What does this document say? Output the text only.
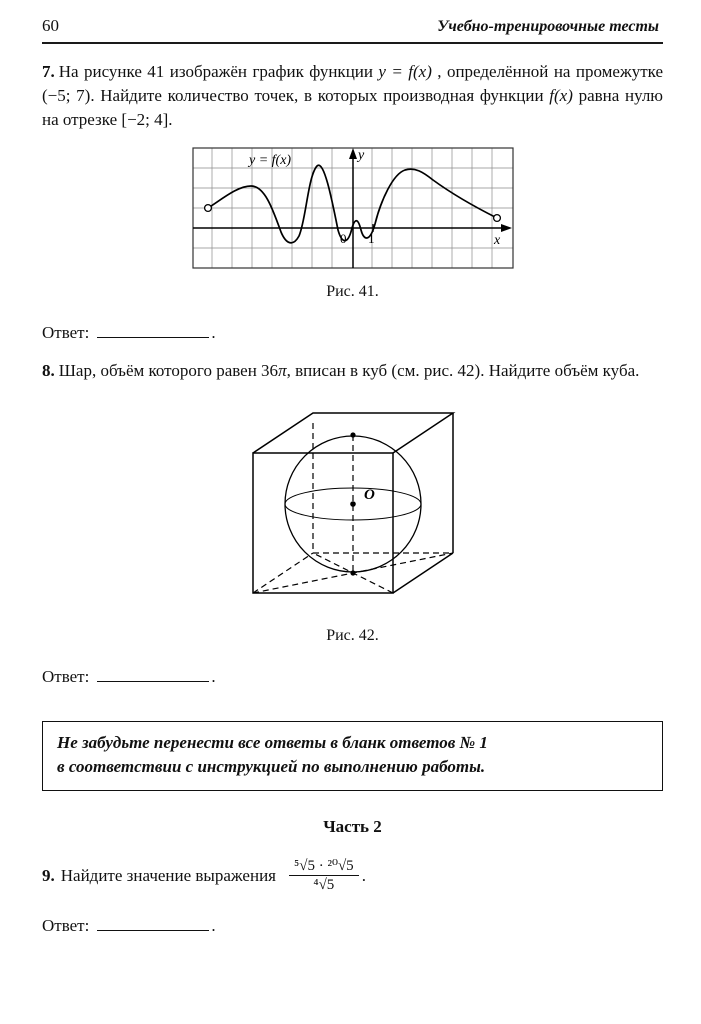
60	Учебно-тренировочные тесты

7. На рисунке 41 изображён график функции y = f(x) , определённой на промежутке (−5; 7). Найдите количество точек, в которых производная функции f(x) равна нулю на отрезке [−2; 4].

y = f(x)	y
x
0 1
Рис. 41.
Ответ:	.

8. Шар, объём которого равен 36π, вписан в куб (см. рис. 42). Найдите объём куба.

O
Рис. 42.
Ответ:	.
Не забудьте перенести все ответы в бланк ответов № 1
в соответствии с инструкцией по выполнению работы.
Часть 2
9. Найдите значение выражения $\frac{\text{⁵√5 · ²⁰√5}}{\text{⁴√5}}$ .
Ответ:	.
